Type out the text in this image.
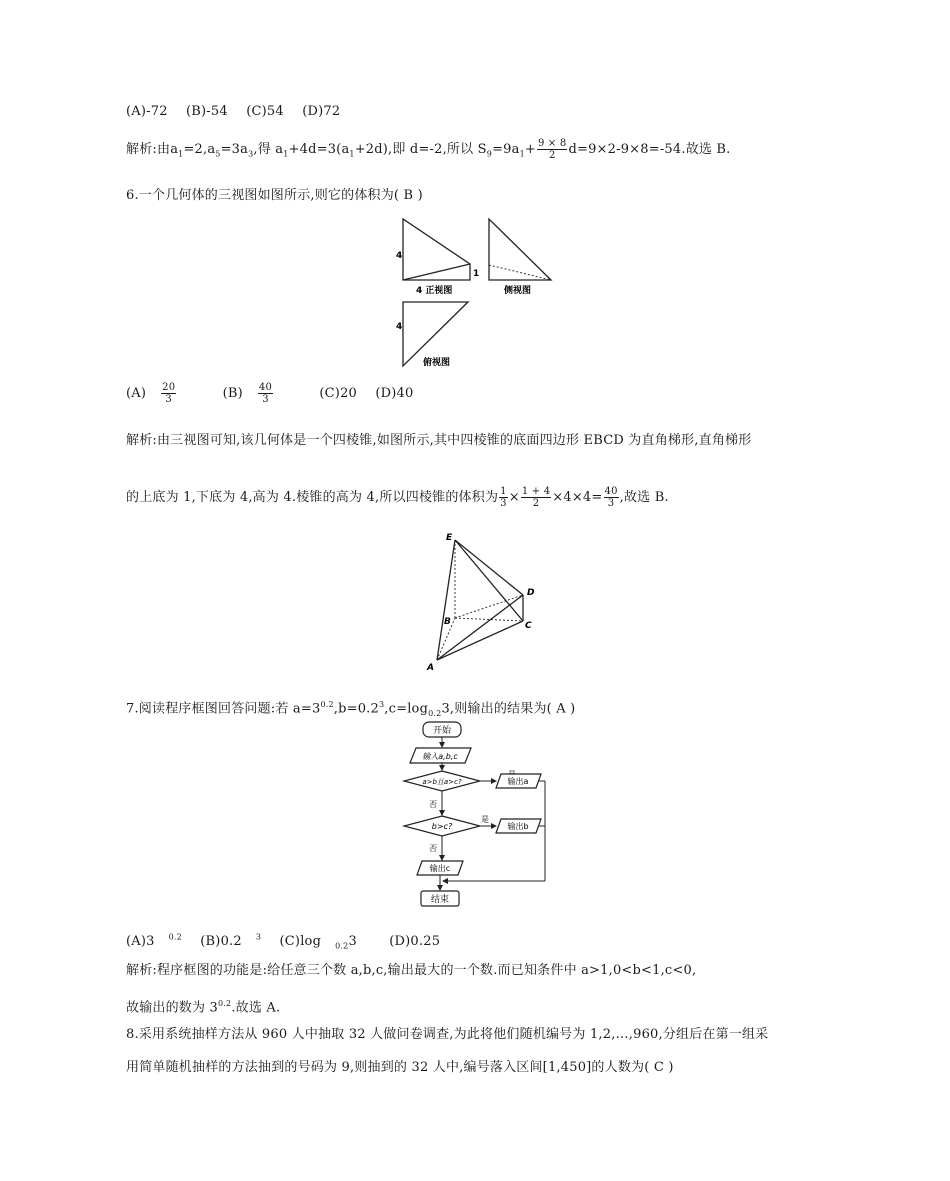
(A)-72 (B)-54 (C)54 (D)72
解析:由$a_1=2,a_5=3a_3$,得 $a_1+4d=3(a_1+2d)$,即 d=-2,所以 $S_9=9a_1+ \frac{9 \times 8}{2} d=9\times 2-9\times 8=-54$.故选 B.
6.一个几何体的三视图如图所示,则它的体积为( B )
4
1
4 正视图	侧视图
4
俯视图
$(A) \frac{20}{3} (B) \frac{40}{3} (C)20$ (D)40
解析:由三视图可知,该几何体是一个四棱锥,如图所示,其中四棱锥的底面四边形 EBCD 为直角梯形,直角梯形
的上底为 1,下底为 4,高为 4.棱锥的高为 4,所以四棱锥的体积为 $\frac{1}{3} \times \frac{1 + 4}{2} \times 4\times 4= \frac{40}{3}$ ,故选 B.
E
D
B	C
A
7.阅读程序框图回答问题:若 $a=3^{0.2},b=0.2^3,c=\log_{0.2}3$,则输出的结果为( A )
开始
输入a,b,c
a>b且a>c?	输出a
否
b>c?
是
输出b
否
输出c
结束
(A)3 $^{0.2}$ (B)0.2 $^3$ (C)log $_{0.2}$3 (D)0.25
解析:程序框图的功能是:给任意三个数 a,b,c,输出最大的一个数.而已知条件中 a>1,0<b<1,c<0,
故输出的数为 $3^{0.2}$.故选 A.
8.采用系统抽样方法从 960 人中抽取 32 人做问卷调查,为此将他们随机编号为 1,2,…,960,分组后在第一组采
用简单随机抽样的方法抽到的号码为 9,则抽到的 32 人中,编号落入区间[1,450]的人数为( C )
